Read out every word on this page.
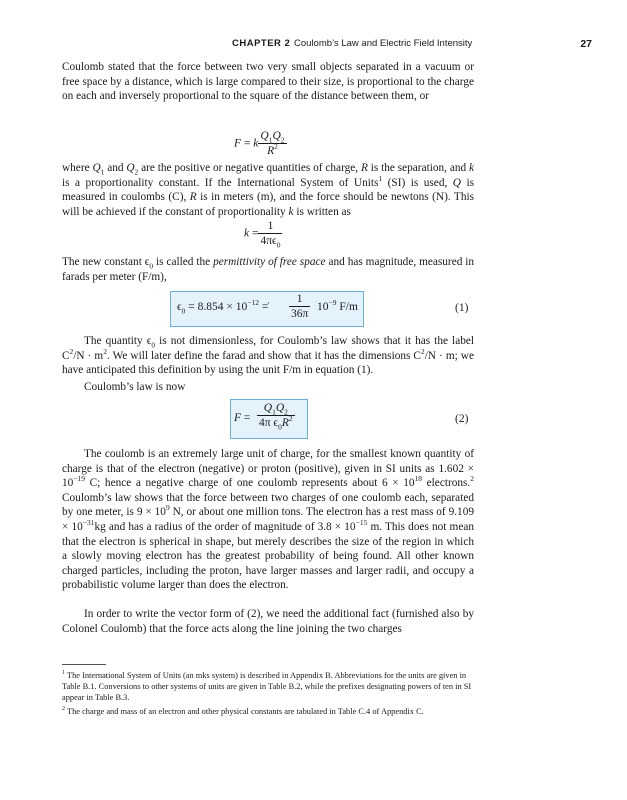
CHAPTER 2 Coulomb’s Law and Electric Field Intensity	27

Coulomb stated that the force between two very small objects separated in a vacuum or free space by a distance, which is large compared to their size, is proportional to the charge on each and inversely proportional to the square of the distance between them, or

F = k $\frac{Q_1Q_2}{R^2}$

where $Q_1$ and $Q_2$ are the positive or negative quantities of charge, R is the separation, and k is a proportionality constant. If the International System of Units$^1$ (SI) is used, Q is measured in coulombs (C), R is in meters (m), and the force should be newtons (N). This will be achieved if the constant of proportionality k is written as

$k = \frac{1}{4\pi\epsilon_0}$

The new constant $\epsilon_0$ is called the permittivity of free space and has magnitude, measured in farads per meter (F/m),

$\epsilon_0 = 8.854 \times 10^{-12}$ =̇ $\frac{1}{36\pi} 10^{-9}$ F/m	(1)

The quantity $\epsilon_0$ is not dimensionless, for Coulomb’s law shows that it has the label $C^2/N \cdot m^2$. We will later define the farad and show that it has the dimensions $C^2/N \cdot m$; we have anticipated this definition by using the unit F/m in equation (1).

Coulomb’s law is now

$F = \frac{Q_1Q_2}{4\pi \epsilon_0R^2}$	(2)

The coulomb is an extremely large unit of charge, for the smallest known quantity of charge is that of the electron (negative) or proton (positive), given in SI units as $1.602 \times 10^{-19}$ C; hence a negative charge of one coulomb represents about $6 \times 10^{18}$ electrons.$^2$ Coulomb’s law shows that the force between two charges of one coulomb each, separated by one meter, is $9 \times 10^9$ N, or about one million tons. The electron has a rest mass of $9.109 \times 10^{-31}kg$ and has a radius of the order of magnitude of $3.8 \times 10^{-15}$ m. This does not mean that the electron is spherical in shape, but merely describes the size of the region in which a slowly moving electron has the greatest probability of being found. All other known charged particles, including the proton, have larger masses and larger radii, and occupy a probabilistic volume larger than does the electron.

In order to write the vector form of (2), we need the additional fact (furnished also by Colonel Coulomb) that the force acts along the line joining the two charges

$^1$ The International System of Units (an mks system) is described in Appendix B. Abbreviations for the units are given in Table B.1. Conversions to other systems of units are given in Table B.2, while the prefixes designating powers of ten in SI appear in Table B.3.

$^2$ The charge and mass of an electron and other physical constants are tabulated in Table C.4 of Appendix C.
